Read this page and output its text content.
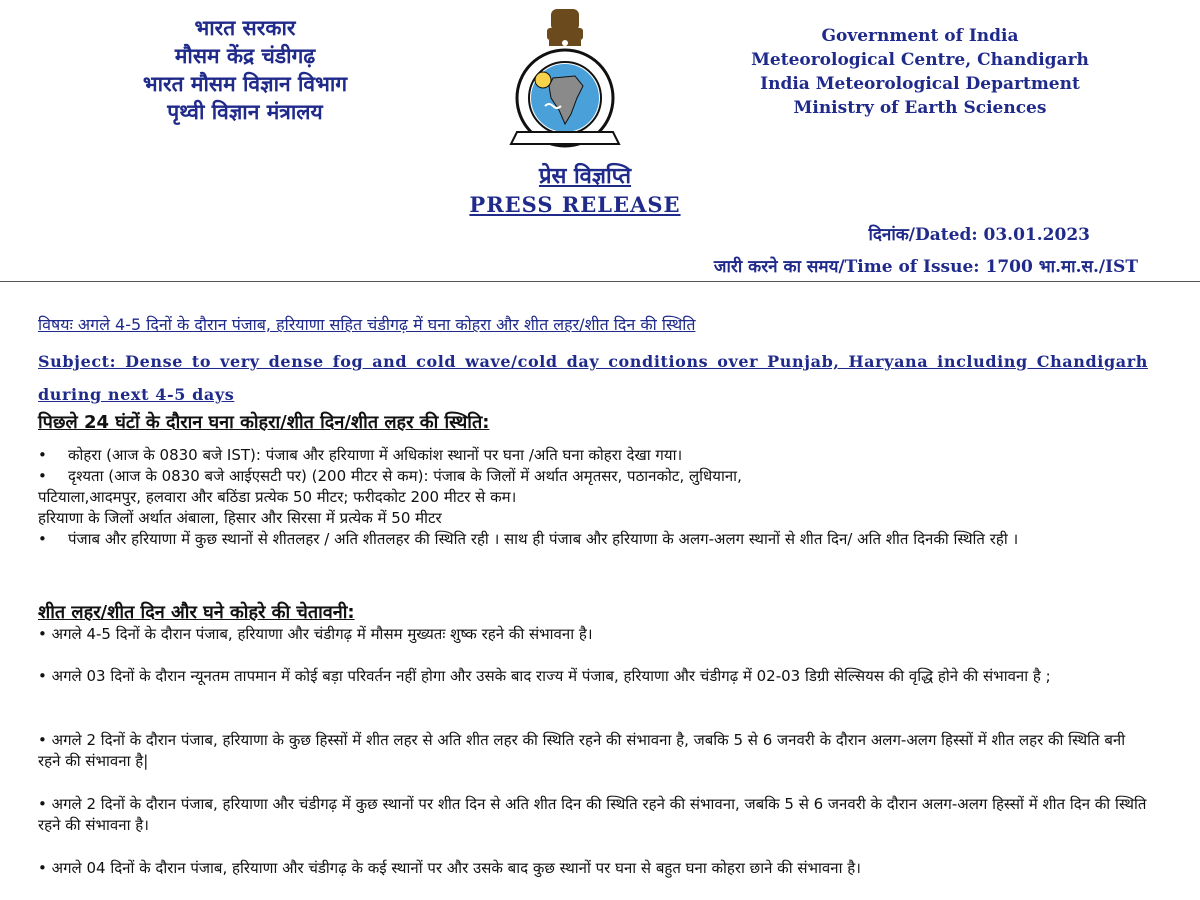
भारत सरकार
मौसम केंद्र चंडीगढ़
भारत मौसम विज्ञान विभाग
पृथ्वी विज्ञान मंत्रालय
Government of India
Meteorological Centre, Chandigarh
India Meteorological Department
Ministry of Earth Sciences
प्रेस विज्ञप्ति
PRESS RELEASE
दिनांक/Dated: 03.01.2023
जारी करने का समय/Time of Issue: 1700 भा.मा.स./IST
विषयः अगले 4-5 दिनों के दौरान पंजाब, हरियाणा सहित चंडीगढ़ में घना कोहरा और शीत लहर/शीत दिन की स्थिति
Subject: Dense to very dense fog and cold wave/cold day conditions over Punjab, Haryana including Chandigarh during next 4-5 days
पिछले 24 घंटों के दौरान घना कोहरा/शीत दिन/शीत लहर की स्थिति:
• कोहरा (आज के 0830 बजे IST): पंजाब और हरियाणा में अधिकांश स्थानों पर घना /अति घना कोहरा देखा गया।
• दृश्यता (आज के 0830 बजे आईएसटी पर) (200 मीटर से कम): पंजाब के जिलों में अर्थात अमृतसर, पठानकोट, लुधियाना,
पटियाला,आदमपुर, हलवारा और बठिंडा प्रत्येक 50 मीटर; फरीदकोट 200 मीटर से कम।
हरियाणा के जिलों अर्थात अंबाला, हिसार और सिरसा में प्रत्येक में 50 मीटर
• पंजाब और हरियाणा में कुछ स्थानों से शीतलहर / अति शीतलहर की स्थिति रही । साथ ही पंजाब और हरियाणा के अलग-अलग स्थानों से शीत दिन/ अति शीत दिनकी स्थिति रही ।
शीत लहर/शीत दिन और घने कोहरे की चेतावनी:
• अगले 4-5 दिनों के दौरान पंजाब, हरियाणा और चंडीगढ़ में मौसम मुख्यतः शुष्क रहने की संभावना है।
• अगले 03 दिनों के दौरान न्यूनतम तापमान में कोई बड़ा परिवर्तन नहीं होगा और उसके बाद राज्य में पंजाब, हरियाणा और चंडीगढ़ में 02-03 डिग्री सेल्सियस की वृद्धि होने की संभावना है ;
• अगले 2 दिनों के दौरान पंजाब, हरियाणा के कुछ हिस्सों में शीत लहर से अति शीत लहर की स्थिति रहने की संभावना है, जबकि 5 से 6 जनवरी के दौरान अलग-अलग हिस्सों में शीत लहर की स्थिति बनी रहने की संभावना है|
• अगले 2 दिनों के दौरान पंजाब, हरियाणा और चंडीगढ़ में कुछ स्थानों पर शीत दिन से अति शीत दिन की स्थिति रहने की संभावना, जबकि 5 से 6 जनवरी के दौरान अलग-अलग हिस्सों में शीत दिन की स्थिति रहने की संभावना है।
• अगले 04 दिनों के दौरान पंजाब, हरियाणा और चंडीगढ़ के कई स्थानों पर और उसके बाद कुछ स्थानों पर घना से बहुत घना कोहरा छाने की संभावना है।
